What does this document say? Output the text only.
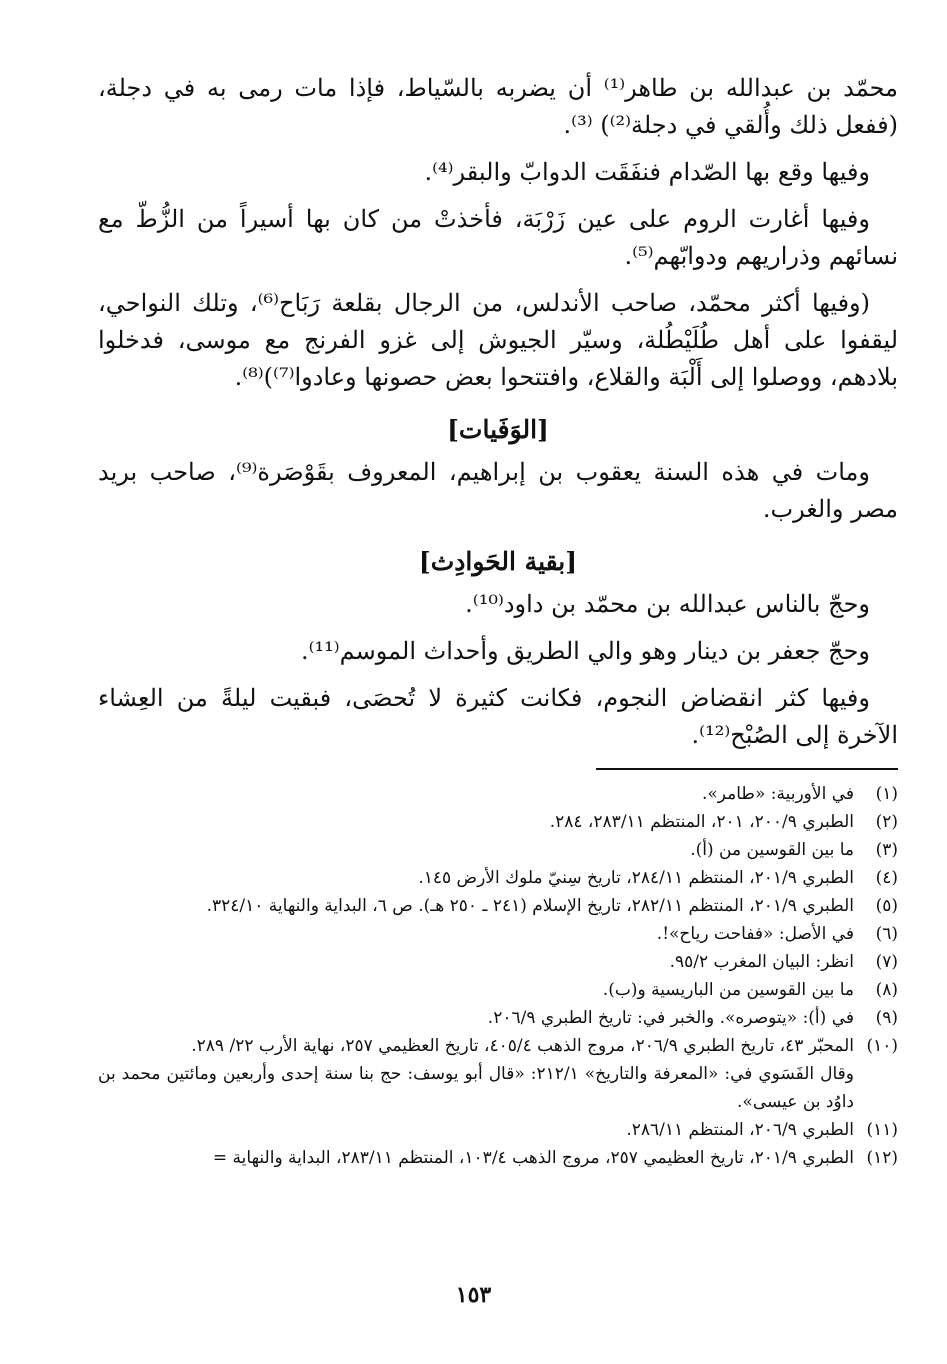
محمّد بن عبدالله بن طاهر⁽¹⁾ أن يضربه بالسّياط، فإذا مات رمى به في دجلة، (ففعل ذلك وأُلقي في دجلة⁽²⁾) ⁽³⁾.

وفيها وقع بها الصّدام فنفَقَت الدوابّ والبقر⁽⁴⁾.

وفيها أغارت الروم على عين زَرْبَة، فأخذتْ من كان بها أسيراً من الزُّطّ مع نسائهم وذراريهم ودوابّهم⁽⁵⁾.

(وفيها أكثر محمّد، صاحب الأندلس، من الرجال بقلعة رَبَاح⁽⁶⁾، وتلك النواحي، ليقفوا على أهل طُلَيْطُلة، وسيّر الجيوش إلى غزو الفرنج مع موسى، فدخلوا بلادهم، ووصلوا إلى أَلْبَة والقلاع، وافتتحوا بعض حصونها وعادوا⁽⁷⁾)⁽⁸⁾.

[الوَفَيات]

ومات في هذه السنة يعقوب بن إبراهيم، المعروف بقَوْصَرة⁽⁹⁾، صاحب بريد مصر والغرب.

[بقية الحَوادِث]

وحجّ بالناس عبدالله بن محمّد بن داود⁽¹⁰⁾.

وحجّ جعفر بن دينار وهو والي الطريق وأحداث الموسم⁽¹¹⁾.

وفيها كثر انقضاض النجوم، فكانت كثيرة لا تُحصَى، فبقيت ليلةً من العِشاء الآخرة إلى الصُبْح⁽¹²⁾.

(١)
في الأوربية: «طامر».
(٢)
الطبري ٢٠٠/٩، ٢٠١، المنتظم ٢٨٣/١١، ٢٨٤.
(٣)
ما بين القوسين من (أ).
(٤)
الطبري ٢٠١/٩، المنتظم ٢٨٤/١١، تاريخ سِنيّ ملوك الأرض ١٤٥.
(٥)
الطبري ٢٠١/٩، المنتظم ٢٨٢/١١، تاريخ الإسلام (٢٤١ ـ ٢٥٠ هـ). ص ٦، البداية والنهاية ٣٢٤/١٠.
(٦)
في الأصل: «ففاحت رياح»!.
(٧)
انظر: البيان المغرب ٩٥/٢.
(٨)
ما بين القوسين من الباريسية و(ب).
(٩)
في (أ): «يتوصره». والخبر في: تاريخ الطبري ٢٠٦/٩.
(١٠)
المحبّر ٤٣، تاريخ الطبري ٢٠٦/٩، مروج الذهب ٤٠٥/٤، تاريخ العظيمي ٢٥٧، نهاية الأرب ٢٢/ ٢٨٩.
وقال الفَسَوي في: «المعرفة والتاريخ» ٢١٢/١: «قال أبو يوسف: حج بنا سنة إحدى وأربعين ومائتين محمد بن داوُد بن عيسى».
(١١)
الطبري ٢٠٦/٩، المنتظم ٢٨٦/١١.
(١٢)
الطبري ٢٠١/٩، تاريخ العظيمي ٢٥٧، مروج الذهب ١٠٣/٤، المنتظم ٢٨٣/١١، البداية والنهاية =
١٥٣
